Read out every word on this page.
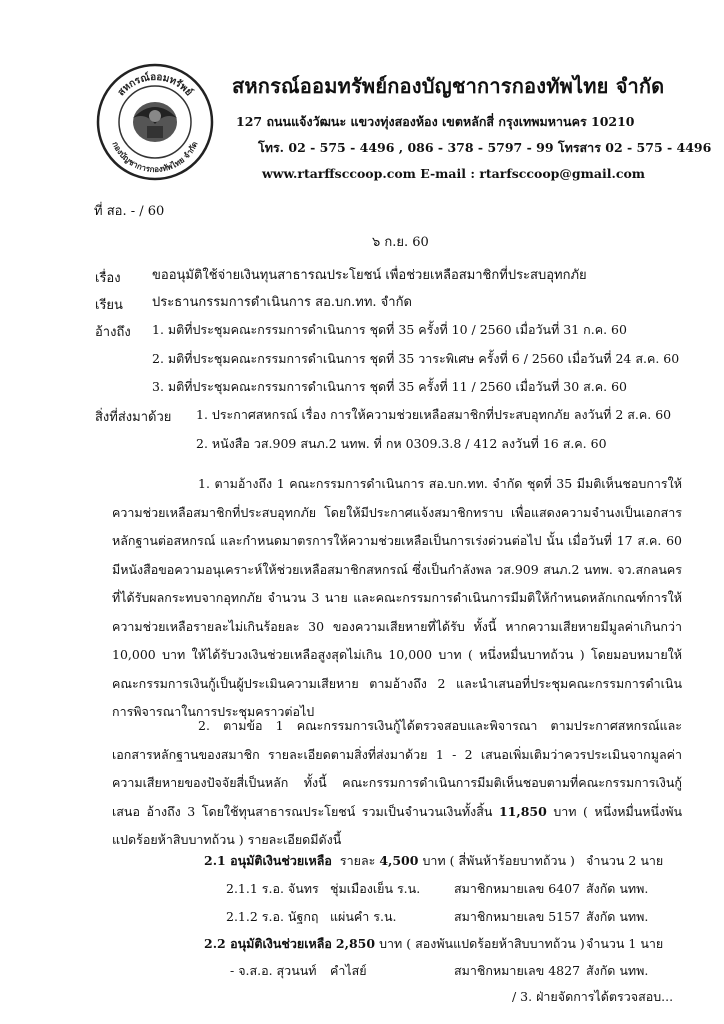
สหกรณ์ออมทรัพย์
กองบัญชาการกองทัพไทย จำกัด
สหกรณ์ออมทรัพย์กองบัญชาการกองทัพไทย จำกัด
127 ถนนแจ้งวัฒนะ แขวงทุ่งสองห้อง เขตหลักสี่ กรุงเทพมหานคร 10210
โทร. 02 - 575 - 4496 , 086 - 378 - 5797 - 99 โทรสาร 02 - 575 - 4496
www.rtarffsccoop.com E-mail : rtarfsccoop@gmail.com
ที่ สอ. - / 60
๖ ก.ย. 60
เรื่อง ขออนุมัติใช้จ่ายเงินทุนสาธารณประโยชน์ เพื่อช่วยเหลือสมาชิกที่ประสบอุทกภัย
เรียน ประธานกรรมการดำเนินการ สอ.บก.ทท. จำกัด
อ้างถึง 1. มติที่ประชุมคณะกรรมการดำเนินการ ชุดที่ 35 ครั้งที่ 10 / 2560 เมื่อวันที่ 31 ก.ค. 60
2. มติที่ประชุมคณะกรรมการดำเนินการ ชุดที่ 35 วาระพิเศษ ครั้งที่ 6 / 2560 เมื่อวันที่ 24 ส.ค. 60
3. มติที่ประชุมคณะกรรมการดำเนินการ ชุดที่ 35 ครั้งที่ 11 / 2560 เมื่อวันที่ 30 ส.ค. 60
สิ่งที่ส่งมาด้วย 1. ประกาศสหกรณ์ เรื่อง การให้ความช่วยเหลือสมาชิกที่ประสบอุทกภัย ลงวันที่ 2 ส.ค. 60
2. หนังสือ วส.909 สนภ.2 นทพ. ที่ กห 0309.3.8 / 412 ลงวันที่ 16 ส.ค. 60
1. ตามอ้างถึง 1 คณะกรรมการดำเนินการ สอ.บก.ทท. จำกัด ชุดที่ 35 มีมติเห็นชอบการให้ความช่วยเหลือสมาชิกที่ประสบอุทกภัย โดยให้มีประกาศแจ้งสมาชิกทราบ เพื่อแสดงความจำนงเป็นเอกสารหลักฐานต่อสหกรณ์ และกำหนดมาตรการให้ความช่วยเหลือเป็นการเร่งด่วนต่อไป นั้น เมื่อวันที่ 17 ส.ค. 60 มีหนังสือขอความอนุเคราะห์ให้ช่วยเหลือสมาชิกสหกรณ์ ซึ่งเป็นกำลังพล วส.909 สนภ.2 นทพ. จว.สกลนคร ที่ได้รับผลกระทบจากอุทกภัย จำนวน 3 นาย และคณะกรรมการดำเนินการมีมติให้กำหนดหลักเกณฑ์การให้ความช่วยเหลือรายละไม่เกินร้อยละ 30 ของความเสียหายที่ได้รับ ทั้งนี้ หากความเสียหายมีมูลค่าเกินกว่า 10,000 บาท ให้ได้รับวงเงินช่วยเหลือสูงสุดไม่เกิน 10,000 บาท ( หนึ่งหมื่นบาทถ้วน ) โดยมอบหมายให้คณะกรรมการเงินกู้เป็นผู้ประเมินความเสียหาย ตามอ้างถึง 2 และนำเสนอที่ประชุมคณะกรรมการดำเนินการพิจารณาในการประชุมคราวต่อไป
2. ตามข้อ 1 คณะกรรมการเงินกู้ได้ตรวจสอบและพิจารณา ตามประกาศสหกรณ์และเอกสารหลักฐานของสมาชิก รายละเอียดตามสิ่งที่ส่งมาด้วย 1 - 2 เสนอเพิ่มเติมว่าควรประเมินจากมูลค่าความเสียหายของปัจจัยสี่เป็นหลัก ทั้งนี้ คณะกรรมการดำเนินการมีมติเห็นชอบตามที่คณะกรรมการเงินกู้เสนอ อ้างถึง 3 โดยใช้ทุนสาธารณประโยชน์ รวมเป็นจำนวนเงินทั้งสิ้น 11,850 บาท ( หนึ่งหมื่นหนึ่งพันแปดร้อยห้าสิบบาทถ้วน ) รายละเอียดมีดังนี้
2.1 อนุมัติเงินช่วยเหลือ รายละ 4,500 บาท ( สี่พันห้าร้อยบาทถ้วน ) จำนวน 2 นาย
2.1.1 ร.อ. จันทร ชุ่มเมืองเย็น ร.น.	สมาชิกหมายเลข 6407 สังกัด นทพ.
2.1.2 ร.อ. นัฐกฤ แผ่นคำ ร.น.	สมาชิกหมายเลข 5157 สังกัด นทพ.
2.2 อนุมัติเงินช่วยเหลือ 2,850 บาท ( สองพันแปดร้อยห้าสิบบาทถ้วน ) จำนวน 1 นาย
- จ.ส.อ. สุวนนท์ คำไสย์	สมาชิกหมายเลข 4827 สังกัด นทพ.
/ 3. ฝ่ายจัดการได้ตรวจสอบ...
